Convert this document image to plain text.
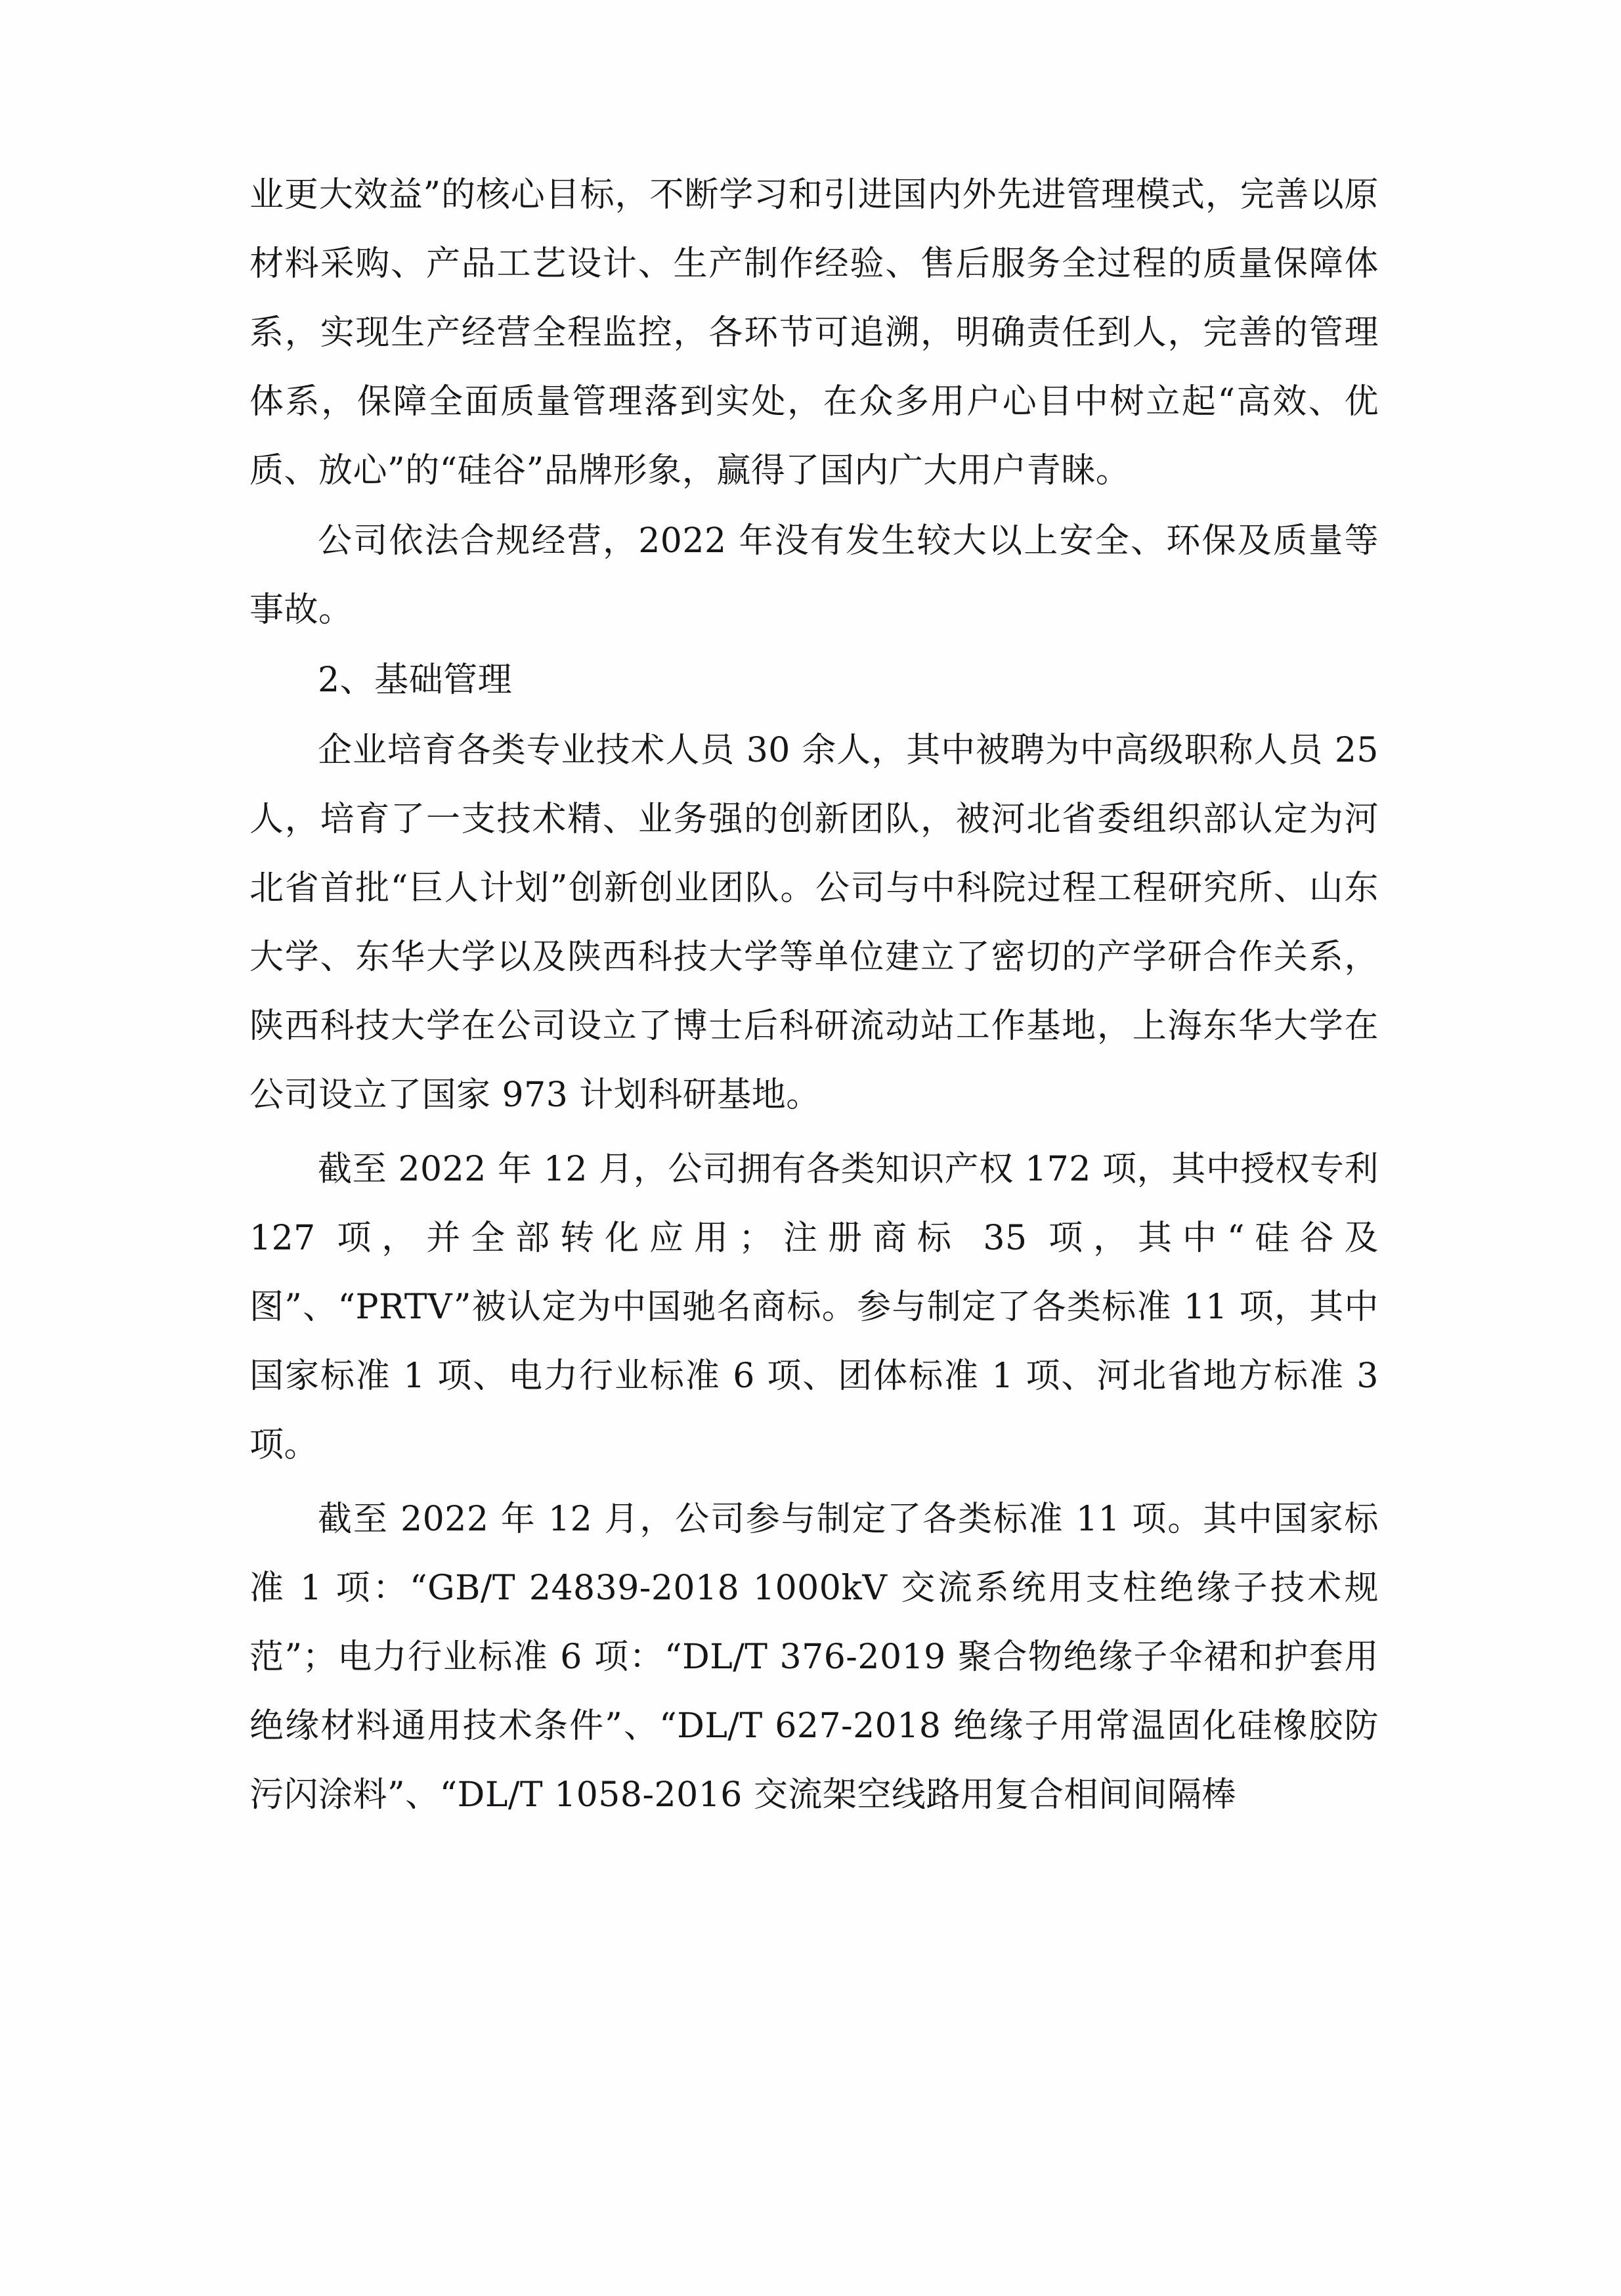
业更大效益”的核心目标，不断学习和引进国内外先进管理模式，完善以原材料采购、产品工艺设计、生产制作经验、售后服务全过程的质量保障体系，实现生产经营全程监控，各环节可追溯，明确责任到人，完善的管理体系，保障全面质量管理落到实处，在众多用户心目中树立起“高效、优质、放心”的“硅谷”品牌形象，赢得了国内广大用户青睐。

公司依法合规经营，2022 年没有发生较大以上安全、环保及质量等事故。

2、基础管理

企业培育各类专业技术人员 30 余人，其中被聘为中高级职称人员 25 人，培育了一支技术精、业务强的创新团队，被河北省委组织部认定为河北省首批“巨人计划”创新创业团队。公司与中科院过程工程研究所、山东大学、东华大学以及陕西科技大学等单位建立了密切的产学研合作关系，陕西科技大学在公司设立了博士后科研流动站工作基地，上海东华大学在公司设立了国家 973 计划科研基地。

截至 2022 年 12 月，公司拥有各类知识产权 172 项，其中授权专利 127 项，并全部转化应用；注册商标 35 项，其中“硅谷及图”、“PRTV”被认定为中国驰名商标。参与制定了各类标准 11 项，其中国家标准 1 项、电力行业标准 6 项、团体标准 1 项、河北省地方标准 3 项。

截至 2022 年 12 月，公司参与制定了各类标准 11 项。其中国家标准 1 项：“GB/T 24839-2018 1000kV 交流系统用支柱绝缘子技术规范”；电力行业标准 6 项：“DL/T 376-2019 聚合物绝缘子伞裙和护套用绝缘材料通用技术条件”、“DL/T 627-2018 绝缘子用常温固化硅橡胶防污闪涂料”、“DL/T 1058-2016 交流架空线路用复合相间间隔棒
